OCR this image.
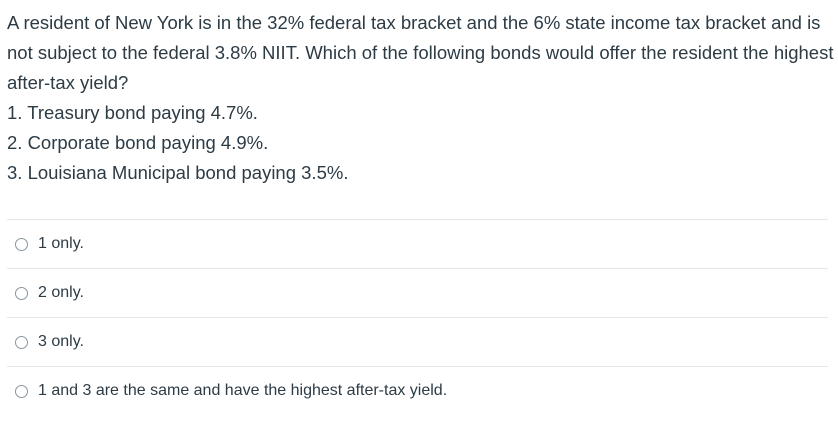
A resident of New York is in the 32% federal tax bracket and the 6% state income tax bracket and is not subject to the federal 3.8% NIIT. Which of the following bonds would offer the resident the highest after-tax yield?

1. Treasury bond paying 4.7%.

2. Corporate bond paying 4.9%.

3. Louisiana Municipal bond paying 3.5%.

1 only.
2 only.
3 only.
1 and 3 are the same and have the highest after-tax yield.
